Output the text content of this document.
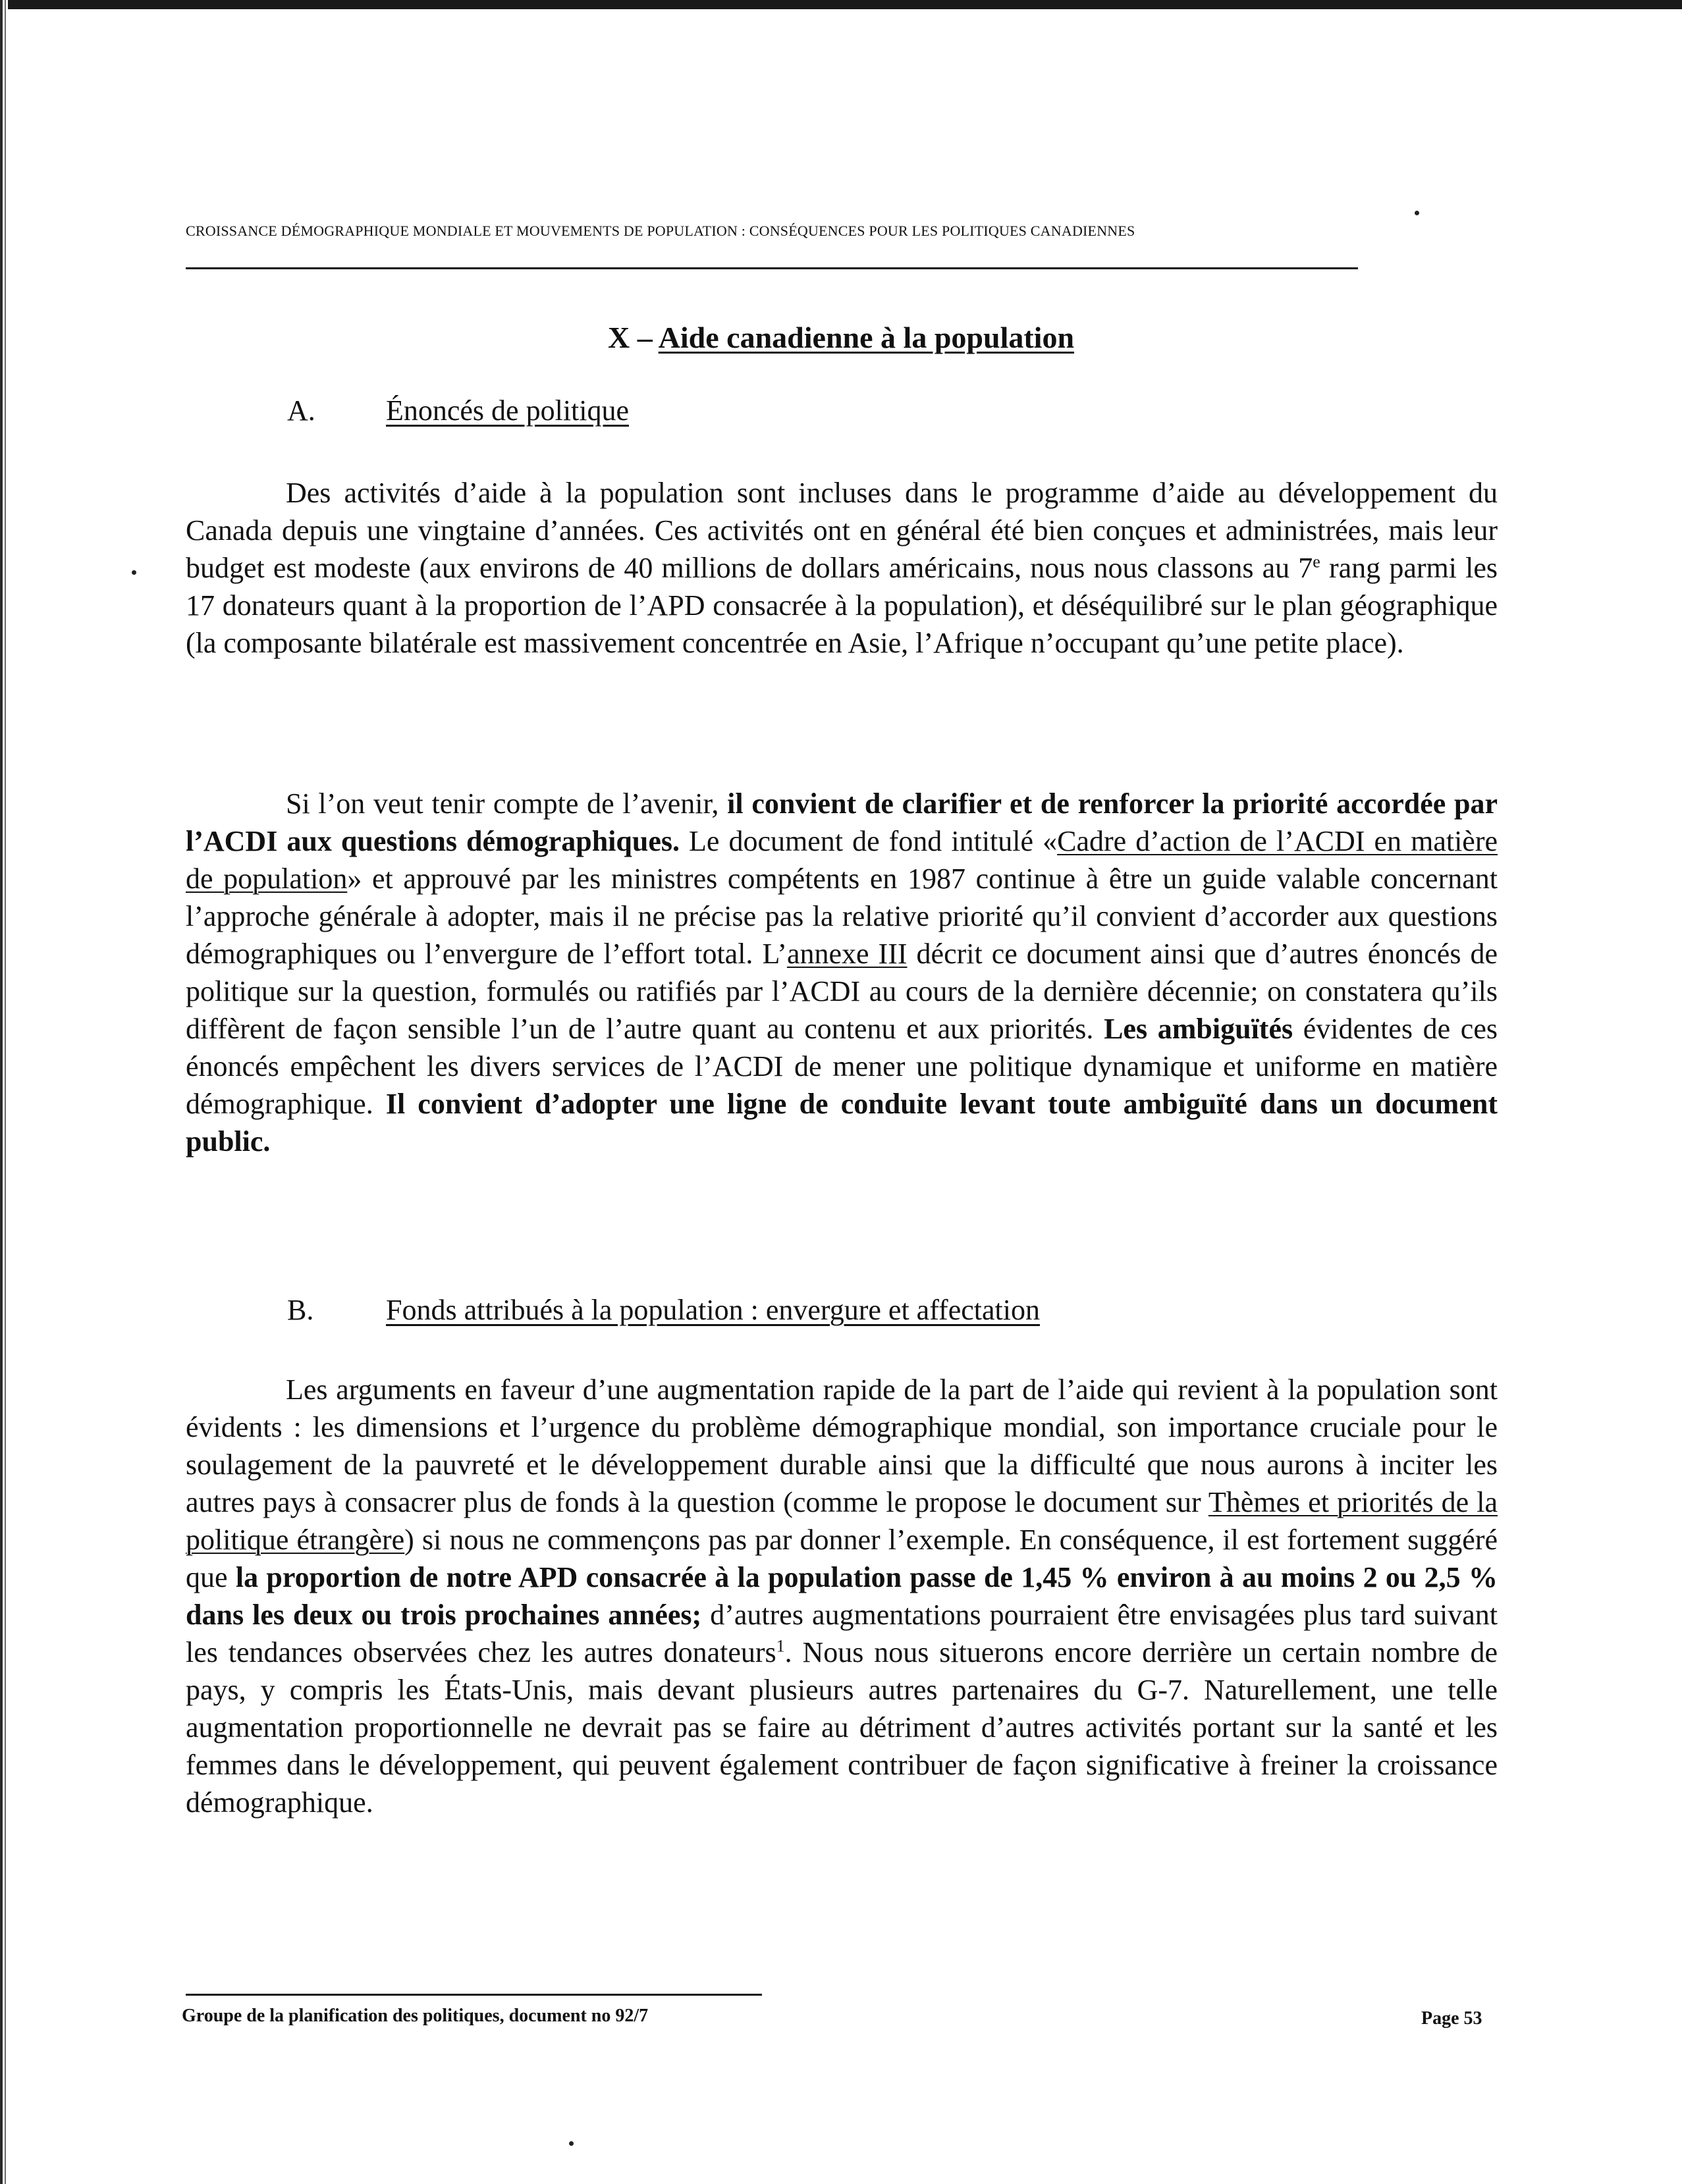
CROISSANCE DÉMOGRAPHIQUE MONDIALE ET MOUVEMENTS DE POPULATION : CONSÉQUENCES POUR LES POLITIQUES CANADIENNES
X – Aide canadienne à la population
A. Énoncés de politique
Des activités d’aide à la population sont incluses dans le programme d’aide au développement du Canada depuis une vingtaine d’années. Ces activités ont en général été bien conçues et administrées, mais leur budget est modeste (aux environs de 40 millions de dollars américains, nous nous classons au 7e rang parmi les 17 donateurs quant à la proportion de l’APD consacrée à la population), et déséquilibré sur le plan géographique (la composante bilatérale est massivement concentrée en Asie, l’Afrique n’occupant qu’une petite place).
Si l’on veut tenir compte de l’avenir, il convient de clarifier et de renforcer la priorité accordée par l’ACDI aux questions démographiques. Le document de fond intitulé «Cadre d’action de l’ACDI en matière de population» et approuvé par les ministres compétents en 1987 continue à être un guide valable concernant l’approche générale à adopter, mais il ne précise pas la relative priorité qu’il convient d’accorder aux questions démographiques ou l’envergure de l’effort total. L’annexe III décrit ce document ainsi que d’autres énoncés de politique sur la question, formulés ou ratifiés par l’ACDI au cours de la dernière décennie; on constatera qu’ils diffèrent de façon sensible l’un de l’autre quant au contenu et aux priorités. Les ambiguïtés évidentes de ces énoncés empêchent les divers services de l’ACDI de mener une politique dynamique et uniforme en matière démographique. Il convient d’adopter une ligne de conduite levant toute ambiguïté dans un document public.
B. Fonds attribués à la population : envergure et affectation
Les arguments en faveur d’une augmentation rapide de la part de l’aide qui revient à la population sont évidents : les dimensions et l’urgence du problème démographique mondial, son importance cruciale pour le soulagement de la pauvreté et le développement durable ainsi que la difficulté que nous aurons à inciter les autres pays à consacrer plus de fonds à la question (comme le propose le document sur Thèmes et priorités de la politique étrangère) si nous ne commençons pas par donner l’exemple. En conséquence, il est fortement suggéré que la proportion de notre APD consacrée à la population passe de 1,45 % environ à au moins 2 ou 2,5 % dans les deux ou trois prochaines années; d’autres augmentations pourraient être envisagées plus tard suivant les tendances observées chez les autres donateurs$^1$. Nous nous situerons encore derrière un certain nombre de pays, y compris les États-Unis, mais devant plusieurs autres partenaires du G-7. Naturellement, une telle augmentation proportionnelle ne devrait pas se faire au détriment d’autres activités portant sur la santé et les femmes dans le développement, qui peuvent également contribuer de façon significative à freiner la croissance démographique.
Groupe de la planification des politiques, document no 92/7	Page 53
